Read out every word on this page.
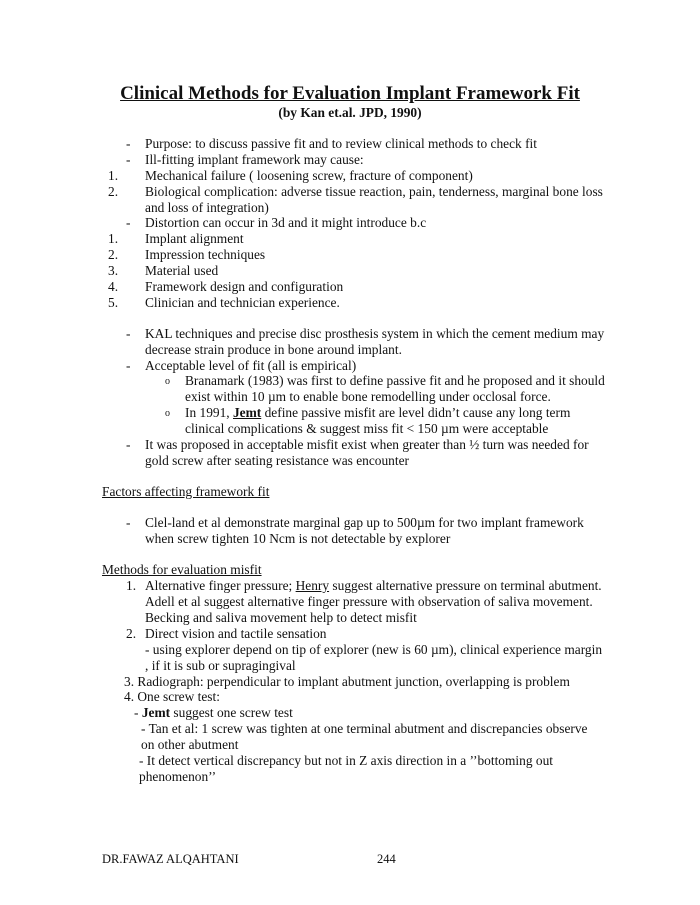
Clinical Methods for Evaluation Implant Framework Fit
(by Kan et.al. JPD, 1990)
- Purpose: to discuss passive fit and to review clinical methods to check fit
- Ill-fitting implant framework may cause:
1. Mechanical failure ( loosening screw, fracture of component)
2. Biological complication: adverse tissue reaction, pain, tenderness, marginal bone loss
and loss of integration)
- Distortion can occur in 3d and it might introduce b.c
1. Implant alignment
2. Impression techniques
3. Material used
4. Framework design and configuration
5. Clinician and technician experience.
- KAL techniques and precise disc prosthesis system in which the cement medium may
decrease strain produce in bone around implant.
- Acceptable level of fit (all is empirical)
o Branamark (1983) was first to define passive fit and he proposed and it should
exist within 10 µm to enable bone remodelling under occlosal force.
o In 1991, Jemt define passive misfit are level didn’t cause any long term
clinical complications & suggest miss fit < 150 µm were acceptable
- It was proposed in acceptable misfit exist when greater than ½ turn was needed for
gold screw after seating resistance was encounter
Factors affecting framework fit
- Clel-land et al demonstrate marginal gap up to 500µm for two implant framework
when screw tighten 10 Ncm is not detectable by explorer
Methods for evaluation misfit
1. Alternative finger pressure; Henry suggest alternative pressure on terminal abutment.
Adell et al suggest alternative finger pressure with observation of saliva movement.
Becking and saliva movement help to detect misfit
2. Direct vision and tactile sensation
- using explorer depend on tip of explorer (new is 60 µm), clinical experience margin
, if it is sub or supragingival
3. Radiograph: perpendicular to implant abutment junction, overlapping is problem
4. One screw test:
- Jemt suggest one screw test
- Tan et al: 1 screw was tighten at one terminal abutment and discrepancies observe
on other abutment
- It detect vertical discrepancy but not in Z axis direction in a ’’bottoming out
phenomenon’’
DR.FAWAZ ALQAHTANI	244
